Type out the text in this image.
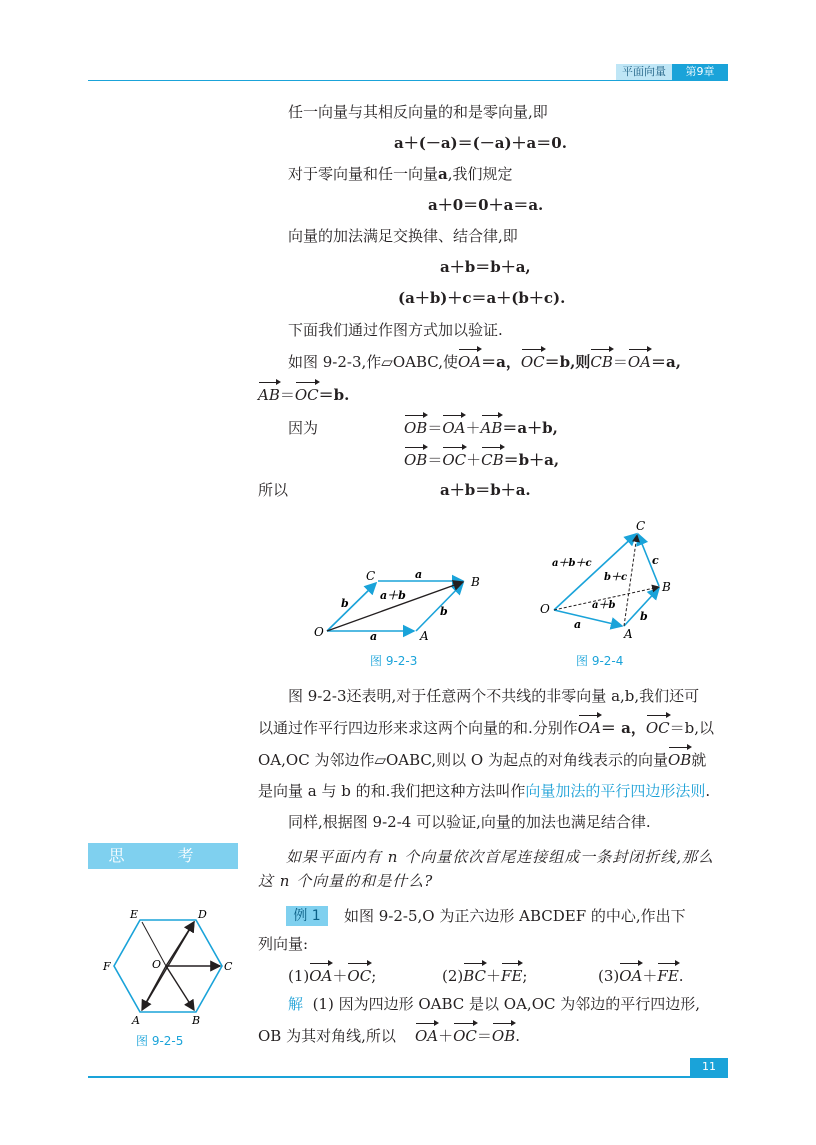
平面向量	第9章
任一向量与其相反向量的和是零向量,即
a＋(－a)＝(－a)＋a＝0.
对于零向量和任一向量a,我们规定
a＋0＝0＋a＝a.
向量的加法满足交换律、结合律,即
a＋b＝b＋a,
(a＋b)＋c＝a＋(b＋c).
下面我们通过作图方式加以验证.
如图 9-2-3,作▱OABC,使OA＝a，OC＝b,则CB＝OA＝a,
AB＝OC＝b.
因为	OB＝OA＋AB＝a＋b,
OB＝OC＋CB＝b＋a,
所以	a＋b＝b＋a.
O	A
B
C	a
a
b
b
a＋b
图 9-2-3
O
A
B
C
a
b
c
a＋b
b＋c
a＋b＋c
图 9-2-4
图 9-2-3还表明,对于任意两个不共线的非零向量 a,b,我们还可
以通过作平行四边形来求这两个向量的和.分别作OA＝ a，OC＝b,以
OA,OC 为邻边作▱OABC,则以 O 为起点的对角线表示的向量OB就
是向量 a 与 b 的和.我们把这种方法叫作向量加法的平行四边形法则.
同样,根据图 9-2-4 可以验证,向量的加法也满足结合律.
思 考	如果平面内有 n 个向量依次首尾连接组成一条封闭折线,那么
这 n 个向量的和是什么?
例 1	如图 9-2-5,O 为正六边形 ABCDEF 的中心,作出下
列向量:
(1)OA＋OC;	(2)BC＋FE;	(3)OA＋FE.
解 (1) 因为四边形 OABC 是以 OA,OC 为邻边的平行四边形,
OB 为其对角线,所以 OA＋OC＝OB.
A	B
C
D
E
F	O
图 9-2-5
11
